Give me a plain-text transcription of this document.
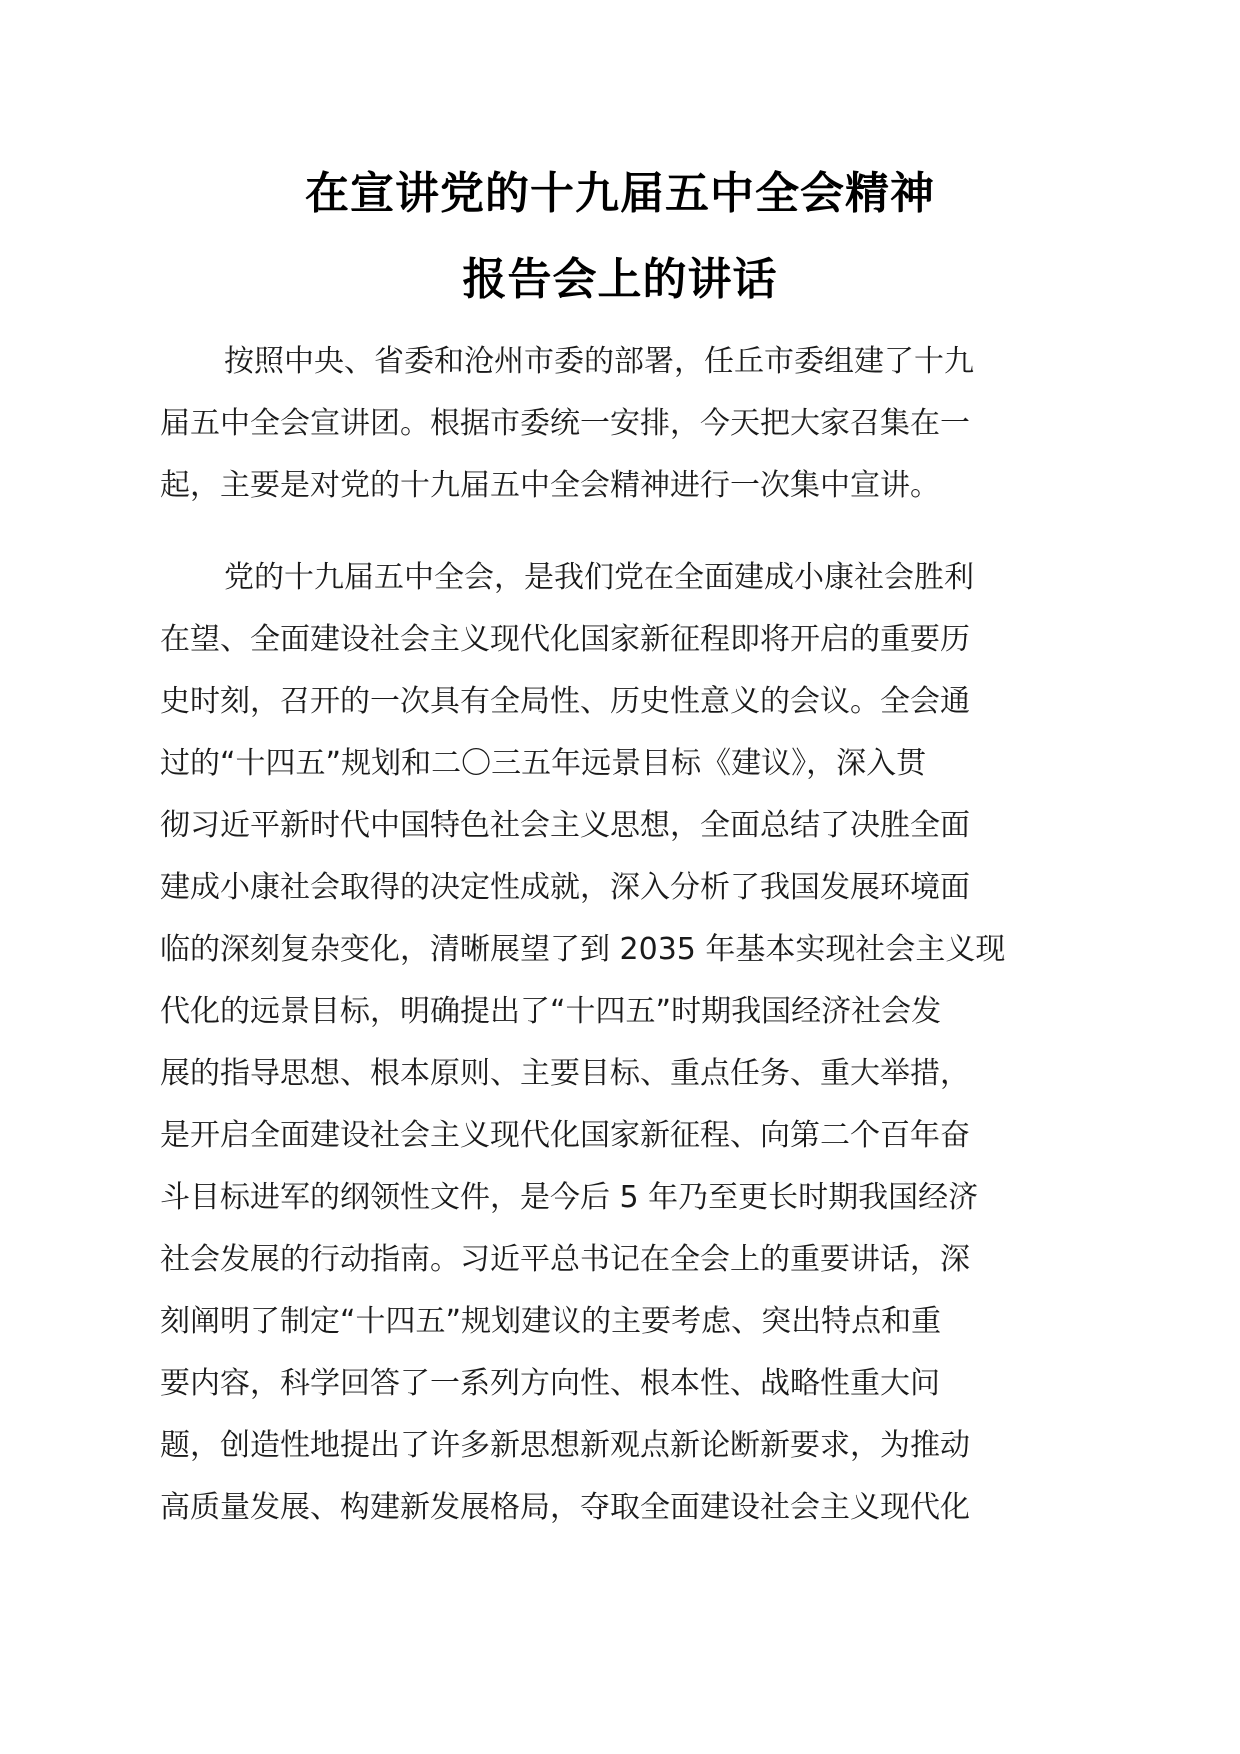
在宣讲党的十九届五中全会精神
报告会上的讲话
按照中央、省委和沧州市委的部署，任丘市委组建了十九
届五中全会宣讲团。根据市委统一安排，今天把大家召集在一
起，主要是对党的十九届五中全会精神进行一次集中宣讲。
党的十九届五中全会，是我们党在全面建成小康社会胜利
在望、全面建设社会主义现代化国家新征程即将开启的重要历
史时刻，召开的一次具有全局性、历史性意义的会议。全会通
过的“十四五”规划和二〇三五年远景目标《建议》，深入贯
彻习近平新时代中国特色社会主义思想，全面总结了决胜全面
建成小康社会取得的决定性成就，深入分析了我国发展环境面
临的深刻复杂变化，清晰展望了到 2035 年基本实现社会主义现
代化的远景目标，明确提出了“十四五”时期我国经济社会发
展的指导思想、根本原则、主要目标、重点任务、重大举措，
是开启全面建设社会主义现代化国家新征程、向第二个百年奋
斗目标进军的纲领性文件，是今后 5 年乃至更长时期我国经济
社会发展的行动指南。习近平总书记在全会上的重要讲话，深
刻阐明了制定“十四五”规划建议的主要考虑、突出特点和重
要内容，科学回答了一系列方向性、根本性、战略性重大问
题，创造性地提出了许多新思想新观点新论断新要求，为推动
高质量发展、构建新发展格局，夺取全面建设社会主义现代化
